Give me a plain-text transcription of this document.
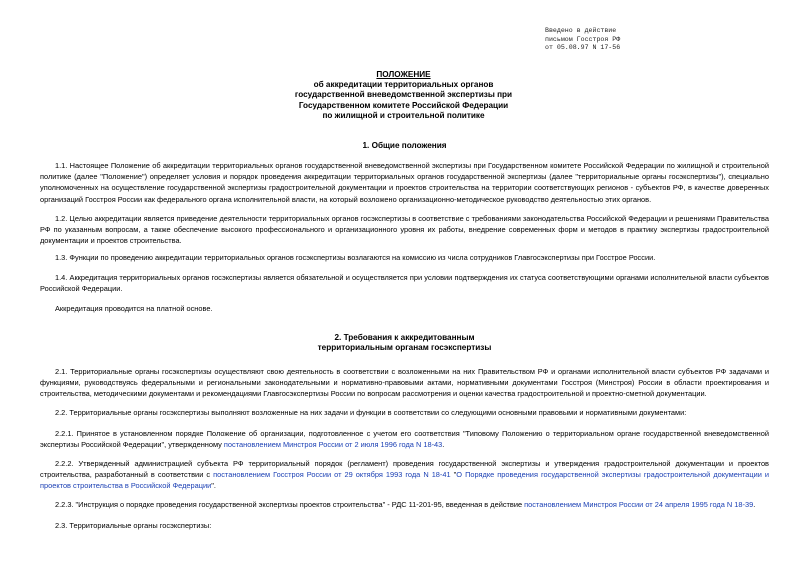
Введено в действие
письмом Госстроя РФ
от 05.08.97 N 17-56
ПОЛОЖЕНИЕ
об аккредитации территориальных органов
государственной вневедомственной экспертизы при
Государственном комитете Российской Федерации
по жилищной и строительной политике
1. Общие положения
1.1. Настоящее Положение об аккредитации территориальных органов государственной вневедомственной экспертизы при Государственном комитете Российской Федерации по жилищной и строительной политике (далее "Положение") определяет условия и порядок проведения аккредитации территориальных органов государственной экспертизы (далее "территориальные органы госэкспертизы"), специально уполномоченных на осуществление государственной экспертизы градостроительной документации и проектов строительства на территории соответствующих регионов - субъектов РФ, в качестве доверенных организаций Госстроя России как федерального органа исполнительной власти, на который возложено организационно-методическое руководство деятельностью этих органов.
1.2. Целью аккредитации является приведение деятельности территориальных органов госэкспертизы в соответствие с требованиями законодательства Российской Федерации и решениями Правительства РФ по указанным вопросам, а также обеспечение высокого профессионального и организационного уровня их работы, внедрение современных форм и методов в практику экспертизы градостроительной документации и проектов строительства.
1.3. Функции по проведению аккредитации территориальных органов госэкспертизы возлагаются на комиссию из числа сотрудников Главгосэкспертизы при Госстрое России.
1.4. Аккредитация территориальных органов госэкспертизы является обязательной и осуществляется при условии подтверждения их статуса соответствующими органами исполнительной власти субъектов Российской Федерации.
Аккредитация проводится на платной основе.
2. Требования к аккредитованным
территориальным органам госэкспертизы
2.1. Территориальные органы госэкспертизы осуществляют свою деятельность в соответствии с возложенными на них Правительством РФ и органами исполнительной власти субъектов РФ задачами и функциями, руководствуясь федеральными и региональными законодательными и нормативно-правовыми актами, нормативными документами Госстроя (Минстроя) России в области проектирования и строительства, методическими документами и рекомендациями Главгосэкспертизы России по вопросам рассмотрения и оценки качества градостроительной и проектно-сметной документации.
2.2. Территориальные органы госэкспертизы выполняют возложенные на них задачи и функции в соответствии со следующими основными правовыми и нормативными документами:
2.2.1. Принятое в установленном порядке Положение об организации, подготовленное с учетом его соответствия "Типовому Положению о территориальном органе государственной вневедомственной экспертизы Российской Федерации", утвержденному постановлением Минстроя России от 2 июля 1996 года N 18-43.
2.2.2. Утвержденный администрацией субъекта РФ территориальный порядок (регламент) проведения государственной экспертизы и утверждения градостроительной документации и проектов строительства, разработанный в соответствии с постановлением Госстроя России от 29 октября 1993 года N 18-41 "О Порядке проведения государственной экспертизы градостроительной документации и проектов строительства в Российской Федерации".
2.2.3. "Инструкция о порядке проведения государственной экспертизы проектов строительства" - РДС 11-201-95, введенная в действие постановлением Минстроя России от 24 апреля 1995 года N 18-39.
2.3. Территориальные органы госэкспертизы:
